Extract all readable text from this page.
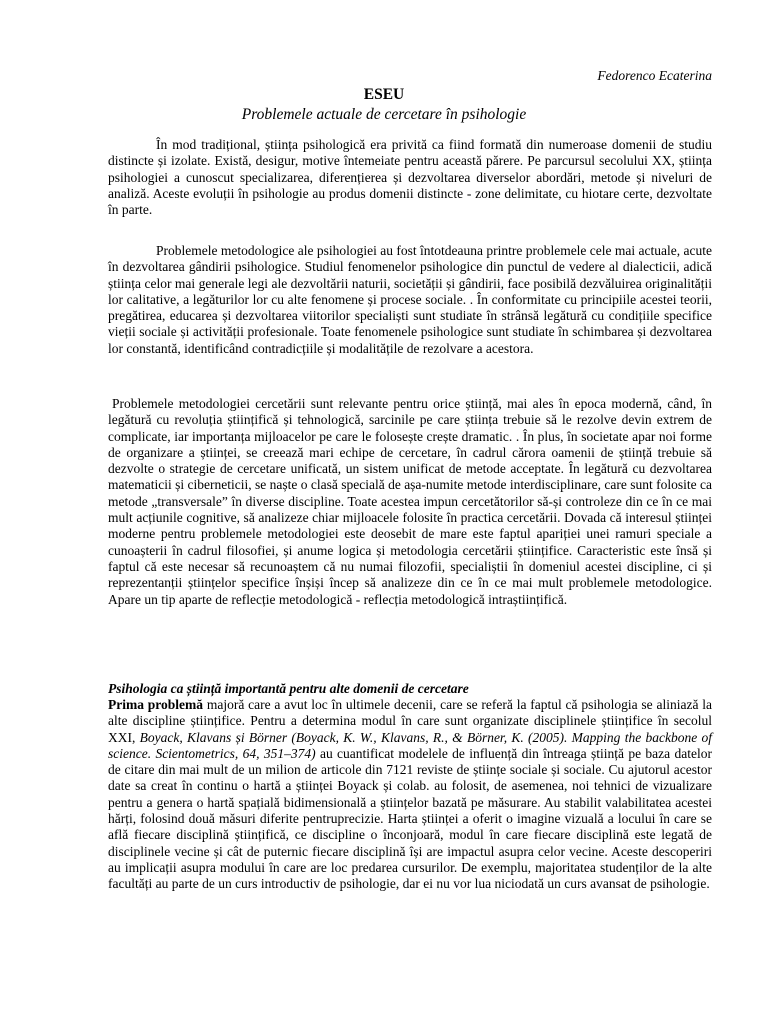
Fedorenco Ecaterina
ESEU
Problemele actuale de cercetare în psihologie

În mod tradițional, știința psihologică era privită ca fiind formată din numeroase domenii de studiu distincte și izolate. Există, desigur, motive întemeiate pentru această părere. Pe parcursul secolului XX, știința psihologiei a cunoscut specializarea, diferențierea și dezvoltarea diverselor abordări, metode și niveluri de analiză. Aceste evoluții în psihologie au produs domenii distincte - zone delimitate, cu hiotare certe, dezvoltate în parte.

Problemele metodologice ale psihologiei au fost întotdeauna printre problemele cele mai actuale, acute în dezvoltarea gândirii psihologice. Studiul fenomenelor psihologice din punctul de vedere al dialecticii, adică știința celor mai generale legi ale dezvoltării naturii, societății și gândirii, face posibilă dezvăluirea originalității lor calitative, a legăturilor lor cu alte fenomene și procese sociale. . În conformitate cu principiile acestei teorii, pregătirea, educarea și dezvoltarea viitorilor specialiști sunt studiate în strânsă legătură cu condițiile specifice vieții sociale și activității profesionale. Toate fenomenele psihologice sunt studiate în schimbarea și dezvoltarea lor constantă, identificând contradicțiile și modalitățile de rezolvare a acestora.

Problemele metodologiei cercetării sunt relevante pentru orice știință, mai ales în epoca modernă, când, în legătură cu revoluția științifică și tehnologică, sarcinile pe care știința trebuie să le rezolve devin extrem de complicate, iar importanța mijloacelor pe care le folosește crește dramatic. . În plus, în societate apar noi forme de organizare a științei, se creează mari echipe de cercetare, în cadrul cărora oamenii de știință trebuie să dezvolte o strategie de cercetare unificată, un sistem unificat de metode acceptate. În legătură cu dezvoltarea matematicii și ciberneticii, se naște o clasă specială de așa-numite metode interdisciplinare, care sunt folosite ca metode „transversale” în diverse discipline. Toate acestea impun cercetătorilor să-și controleze din ce în ce mai mult acțiunile cognitive, să analizeze chiar mijloacele folosite în practica cercetării. Dovada că interesul științei moderne pentru problemele metodologiei este deosebit de mare este faptul apariției unei ramuri speciale a cunoașterii în cadrul filosofiei, și anume logica și metodologia cercetării științifice. Caracteristic este însă și faptul că este necesar să recunoaștem că nu numai filozofii, specialiștii în domeniul acestei discipline, ci și reprezentanții științelor specifice înșiși încep să analizeze din ce în ce mai mult problemele metodologice. Apare un tip aparte de reflecție metodologică - reflecția metodologică intraștiințifică.

Psihologia ca știință importantă pentru alte domenii de cercetare

Prima problemă majoră care a avut loc în ultimele decenii, care se referă la faptul că psihologia se aliniază la alte discipline științifice. Pentru a determina modul în care sunt organizate disciplinele științifice în secolul XXI, Boyack, Klavans și Börner (Boyack, K. W., Klavans, R., & Börner, K. (2005). Mapping the backbone of science. Scientometrics, 64, 351–374) au cuantificat modelele de influență din întreaga știință pe baza datelor de citare din mai mult de un milion de articole din 7121 reviste de științe sociale și sociale. Cu ajutorul acestor date sa creat în continu o hartă a științei Boyack și colab. au folosit, de asemenea, noi tehnici de vizualizare pentru a genera o hartă spațială bidimensională a științelor bazată pe măsurare. Au stabilit valabilitatea acestei hărți, folosind două măsuri diferite pentruprecizie. Harta științei a oferit o imagine vizuală a locului în care se află fiecare disciplină științifică, ce discipline o înconjoară, modul în care fiecare disciplină este legată de disciplinele vecine și cât de puternic fiecare disciplină își are impactul asupra celor vecine. Aceste descoperiri au implicații asupra modului în care are loc predarea cursurilor. De exemplu, majoritatea studenților de la alte facultăți au parte de un curs introductiv de psihologie, dar ei nu vor lua niciodată un curs avansat de psihologie.
